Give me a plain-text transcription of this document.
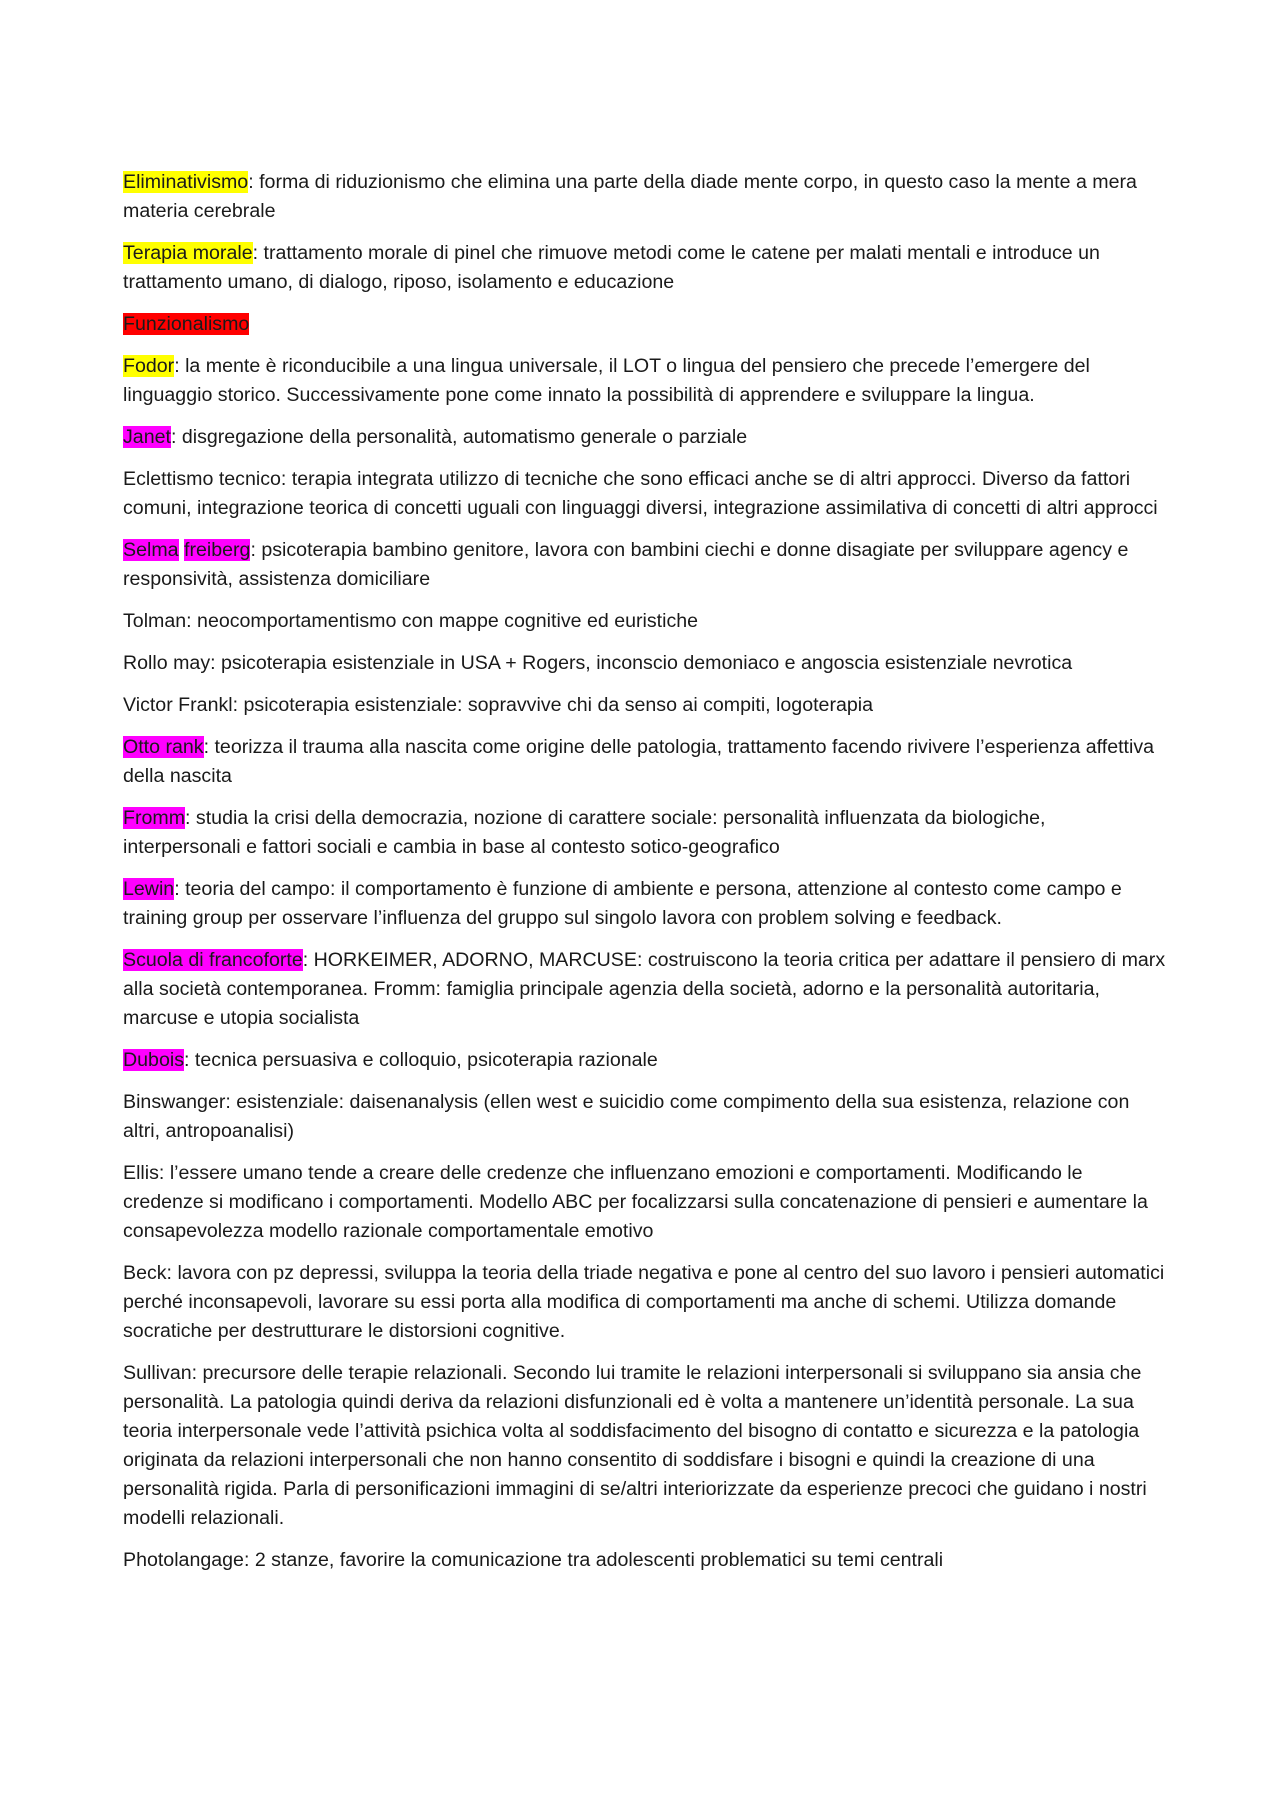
Eliminativismo: forma di riduzionismo che elimina una parte della diade mente corpo, in questo caso la mente a mera materia cerebrale

Terapia morale: trattamento morale di pinel che rimuove metodi come le catene per malati mentali e introduce un trattamento umano, di dialogo, riposo, isolamento e educazione

Funzionalismo

Fodor: la mente è riconducibile a una lingua universale, il LOT o lingua del pensiero che precede l’emergere del linguaggio storico. Successivamente pone come innato la possibilità di apprendere e sviluppare la lingua.

Janet: disgregazione della personalità, automatismo generale o parziale

Eclettismo tecnico: terapia integrata utilizzo di tecniche che sono efficaci anche se di altri approcci. Diverso da fattori comuni, integrazione teorica di concetti uguali con linguaggi diversi, integrazione assimilativa di concetti di altri approcci

Selma freiberg: psicoterapia bambino genitore, lavora con bambini ciechi e donne disagiate per sviluppare agency e responsività, assistenza domiciliare

Tolman: neocomportamentismo con mappe cognitive ed euristiche

Rollo may: psicoterapia esistenziale in USA + Rogers, inconscio demoniaco e angoscia esistenziale nevrotica

Victor Frankl: psicoterapia esistenziale: sopravvive chi da senso ai compiti, logoterapia

Otto rank: teorizza il trauma alla nascita come origine delle patologia, trattamento facendo rivivere l’esperienza affettiva della nascita

Fromm: studia la crisi della democrazia, nozione di carattere sociale: personalità influenzata da biologiche, interpersonali e fattori sociali e cambia in base al contesto sotico-geografico

Lewin: teoria del campo: il comportamento è funzione di ambiente e persona, attenzione al contesto come campo e training group per osservare l’influenza del gruppo sul singolo lavora con problem solving e feedback.

Scuola di francoforte: HORKEIMER, ADORNO, MARCUSE: costruiscono la teoria critica per adattare il pensiero di marx alla società contemporanea. Fromm: famiglia principale agenzia della società, adorno e la personalità autoritaria, marcuse e utopia socialista

Dubois: tecnica persuasiva e colloquio, psicoterapia razionale

Binswanger: esistenziale: daisenanalysis (ellen west e suicidio come compimento della sua esistenza, relazione con altri, antropoanalisi)

Ellis: l’essere umano tende a creare delle credenze che influenzano emozioni e comportamenti. Modificando le credenze si modificano i comportamenti. Modello ABC per focalizzarsi sulla concatenazione di pensieri e aumentare la consapevolezza modello razionale comportamentale emotivo

Beck: lavora con pz depressi, sviluppa la teoria della triade negativa e pone al centro del suo lavoro i pensieri automatici perché inconsapevoli, lavorare su essi porta alla modifica di comportamenti ma anche di schemi. Utilizza domande socratiche per destrutturare le distorsioni cognitive.

Sullivan: precursore delle terapie relazionali. Secondo lui tramite le relazioni interpersonali si sviluppano sia ansia che personalità. La patologia quindi deriva da relazioni disfunzionali ed è volta a mantenere un’identità personale. La sua teoria interpersonale vede l’attività psichica volta al soddisfacimento del bisogno di contatto e sicurezza e la patologia originata da relazioni interpersonali che non hanno consentito di soddisfare i bisogni e quindi la creazione di una personalità rigida. Parla di personificazioni immagini di se/altri interiorizzate da esperienze precoci che guidano i nostri modelli relazionali.

Photolangage: 2 stanze, favorire la comunicazione tra adolescenti problematici su temi centrali
